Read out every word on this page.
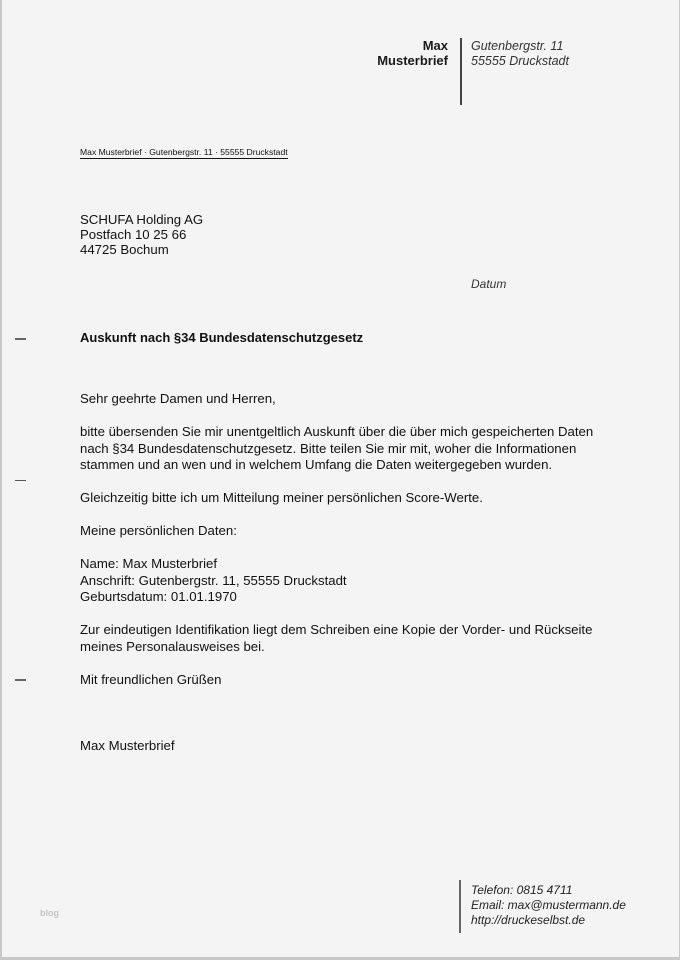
Max
Musterbrief
Gutenbergstr. 11
55555 Druckstadt
Max Musterbrief · Gutenbergstr. 11 · 55555 Druckstadt
SCHUFA Holding AG
Postfach 10 25 66
44725 Bochum
Datum
Auskunft nach §34 Bundesdatenschutzgesetz

Sehr geehrte Damen und Herren,

bitte übersenden Sie mir unentgeltlich Auskunft über die über mich gespeicherten Daten
nach §34 Bundesdatenschutzgesetz. Bitte teilen Sie mir mit, woher die Informationen
stammen und an wen und in welchem Umfang die Daten weitergegeben wurden.

Gleichzeitig bitte ich um Mitteilung meiner persönlichen Score-Werte.

Meine persönlichen Daten:

Name: Max Musterbrief
Anschrift: Gutenbergstr. 11, 55555 Druckstadt
Geburtsdatum: 01.01.1970

Zur eindeutigen Identifikation liegt dem Schreiben eine Kopie der Vorder- und Rückseite
meines Personalausweises bei.

Mit freundlichen Grüßen

Max Musterbrief

blog
Telefon: 0815 4711
Email: max@mustermann.de
http://druckeselbst.de
